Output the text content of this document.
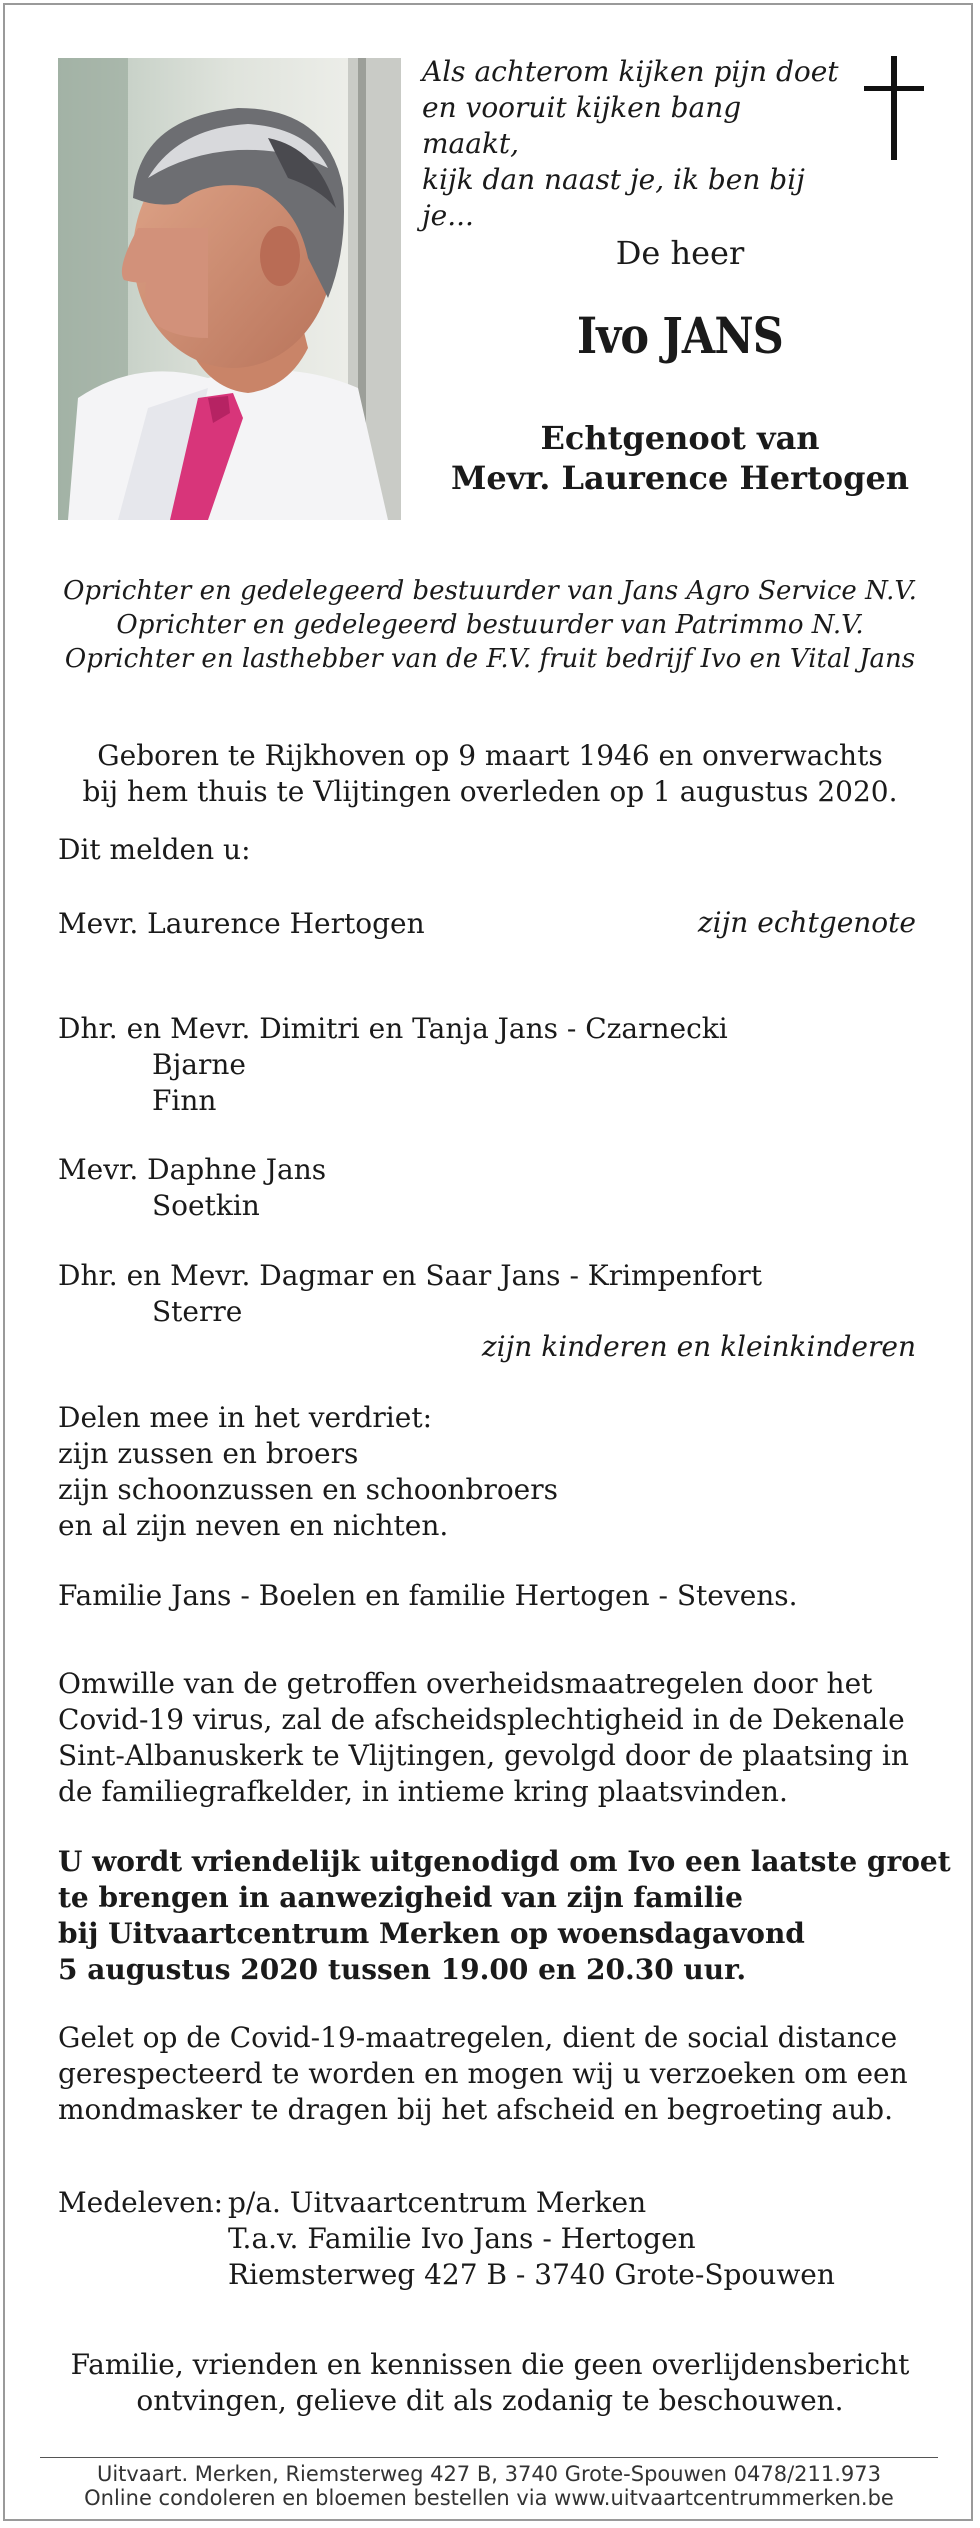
Als achterom kijken pijn doet
en vooruit kijken bang maakt,
kijk dan naast je, ik ben bij je...
De heer
Ivo JANS
Echtgenoot van
Mevr. Laurence Hertogen
Oprichter en gedelegeerd bestuurder van Jans Agro Service N.V.
Oprichter en gedelegeerd bestuurder van Patrimmo N.V.
Oprichter en lasthebber van de F.V. fruit bedrijf Ivo en Vital Jans
Geboren te Rijkhoven op 9 maart 1946 en onverwachts
bij hem thuis te Vlijtingen overleden op 1 augustus 2020.
Dit melden u:
Mevr. Laurence Hertogen	zijn echtgenote
Dhr. en Mevr. Dimitri en Tanja Jans - Czarnecki
Bjarne
Finn
Mevr. Daphne Jans
Soetkin
Dhr. en Mevr. Dagmar en Saar Jans - Krimpenfort
Sterre
zijn kinderen en kleinkinderen
Delen mee in het verdriet:
zijn zussen en broers
zijn schoonzussen en schoonbroers
en al zijn neven en nichten.
Familie Jans - Boelen en familie Hertogen - Stevens.
Omwille van de getroffen overheidsmaatregelen door het
Covid-19 virus, zal de afscheidsplechtigheid in de Dekenale
Sint-Albanuskerk te Vlijtingen, gevolgd door de plaatsing in
de familiegrafkelder, in intieme kring plaatsvinden.
U wordt vriendelijk uitgenodigd om Ivo een laatste groet
te brengen in aanwezigheid van zijn familie
bij Uitvaartcentrum Merken op woensdagavond
5 augustus 2020 tussen 19.00 en 20.30 uur.
Gelet op de Covid-19-maatregelen, dient de social distance
gerespecteerd te worden en mogen wij u verzoeken om een
mondmasker te dragen bij het afscheid en begroeting aub.
Medeleven: p/a. Uitvaartcentrum Merken
T.a.v. Familie Ivo Jans - Hertogen
Riemsterweg 427 B - 3740 Grote-Spouwen
Familie, vrienden en kennissen die geen overlijdensbericht
ontvingen, gelieve dit als zodanig te beschouwen.
Uitvaart. Merken, Riemsterweg 427 B, 3740 Grote-Spouwen 0478/211.973
Online condoleren en bloemen bestellen via www.uitvaartcentrummerken.be
